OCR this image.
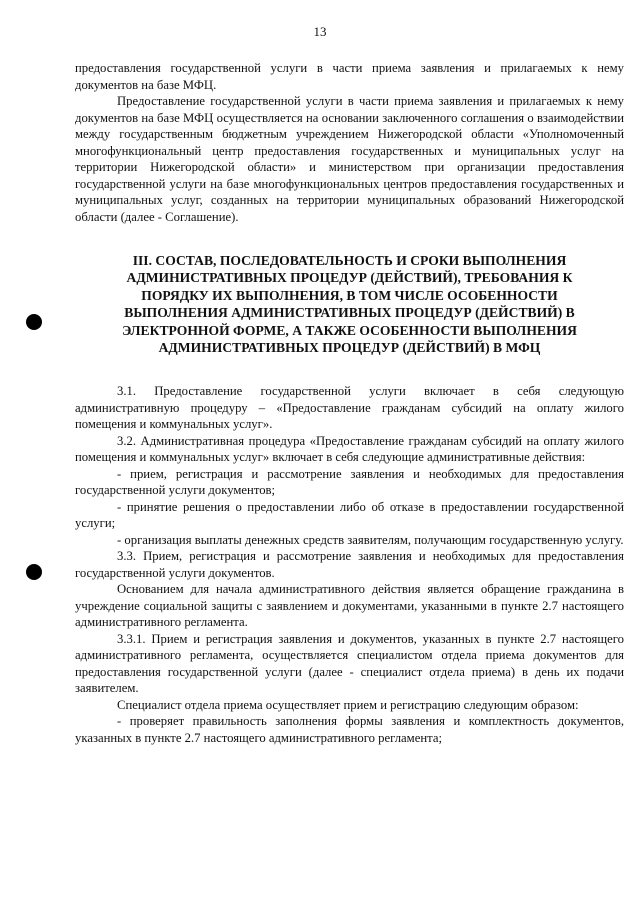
13

предоставления государственной услуги в части приема заявления и прилагаемых к нему документов на базе МФЦ.

Предоставление государственной услуги в части приема заявления и прилагаемых к нему документов на базе МФЦ осуществляется на основании заключенного соглашения о взаимодействии между государственным бюджетным учреждением Нижегородской области «Уполномоченный многофункциональный центр предоставления государственных и муниципальных услуг на территории Нижегородской области» и министерством при организации предоставления государственной услуги на базе многофункциональных центров предоставления государственных и муниципальных услуг, созданных на территории муниципальных образований Нижегородской области (далее - Соглашение).

III. СОСТАВ, ПОСЛЕДОВАТЕЛЬНОСТЬ И СРОКИ ВЫПОЛНЕНИЯ
АДМИНИСТРАТИВНЫХ ПРОЦЕДУР (ДЕЙСТВИЙ), ТРЕБОВАНИЯ К
ПОРЯДКУ ИХ ВЫПОЛНЕНИЯ, В ТОМ ЧИСЛЕ ОСОБЕННОСТИ
ВЫПОЛНЕНИЯ АДМИНИСТРАТИВНЫХ ПРОЦЕДУР (ДЕЙСТВИЙ) В
ЭЛЕКТРОННОЙ ФОРМЕ, А ТАКЖЕ ОСОБЕННОСТИ ВЫПОЛНЕНИЯ
АДМИНИСТРАТИВНЫХ ПРОЦЕДУР (ДЕЙСТВИЙ) В МФЦ

3.1. Предоставление государственной услуги включает в себя следующую административную процедуру – «Предоставление гражданам субсидий на оплату жилого помещения и коммунальных услуг».

3.2. Административная процедура «Предоставление гражданам субсидий на оплату жилого помещения и коммунальных услуг» включает в себя следующие административные действия:

- прием, регистрация и рассмотрение заявления и необходимых для предоставления государственной услуги документов;

- принятие решения о предоставлении либо об отказе в предоставлении государственной услуги;

- организация выплаты денежных средств заявителям, получающим государственную услугу.

3.3. Прием, регистрация и рассмотрение заявления и необходимых для предоставления государственной услуги документов.

Основанием для начала административного действия является обращение гражданина в учреждение социальной защиты с заявлением и документами, указанными в пункте 2.7 настоящего административного регламента.

3.3.1. Прием и регистрация заявления и документов, указанных в пункте 2.7 настоящего административного регламента, осуществляется специалистом отдела приема документов для предоставления государственной услуги (далее - специалист отдела приема) в день их подачи заявителем.

Специалист отдела приема осуществляет прием и регистрацию следующим образом:

- проверяет правильность заполнения формы заявления и комплектность документов, указанных в пункте 2.7 настоящего административного регламента;
